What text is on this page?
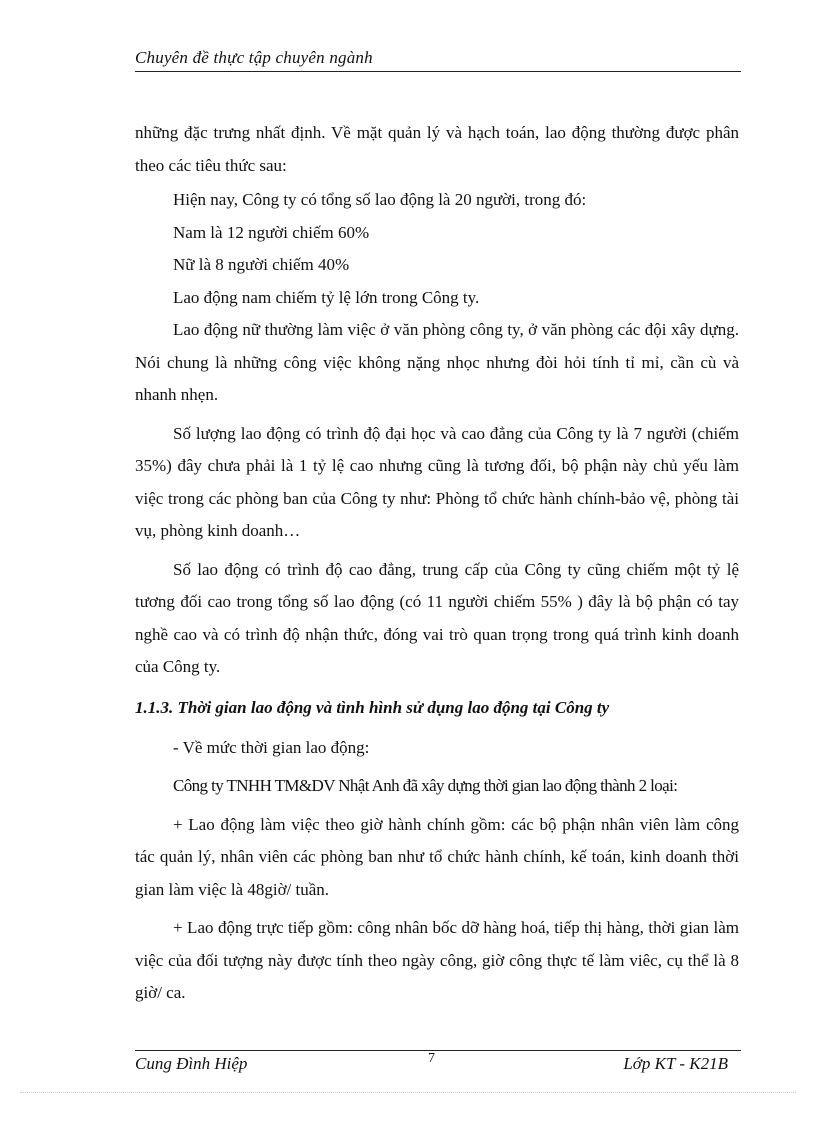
Chuyên đề thực tập chuyên ngành

những đặc trưng nhất định. Về mặt quản lý và hạch toán, lao động thường được phân theo các tiêu thức sau:

Hiện nay, Công ty có tổng số lao động là 20 người, trong đó:

Nam là 12 người chiếm 60%

Nữ là 8 người chiếm 40%

Lao động nam chiếm tỷ lệ lớn trong Công ty.

Lao động nữ thường làm việc ở văn phòng công ty, ở văn phòng các đội xây dựng. Nói chung là những công việc không nặng nhọc nhưng đòi hỏi tính tỉ mỉ, cần cù và nhanh nhẹn.

Số lượng lao động có trình độ đại học và cao đẳng của Công ty là 7 người (chiếm 35%) đây chưa phải là 1 tỷ lệ cao nhưng cũng là tương đối, bộ phận này chủ yếu làm việc trong các phòng ban của Công ty như: Phòng tổ chức hành chính-bảo vệ, phòng tài vụ, phòng kinh doanh…

Số lao động có trình độ cao đẳng, trung cấp của Công ty cũng chiếm một tỷ lệ tương đối cao trong tổng số lao động (có 11 người chiếm 55% ) đây là bộ phận có tay nghề cao và có trình độ nhận thức, đóng vai trò quan trọng trong quá trình kinh doanh của Công ty.

1.1.3. Thời gian lao động và tình hình sử dụng lao động tại Công ty

- Về mức thời gian lao động:

Công ty TNHH TM&DV Nhật Anh đã xây dựng thời gian lao động thành 2 loại:

+ Lao động làm việc theo giờ hành chính gồm: các bộ phận nhân viên làm công tác quản lý, nhân viên các phòng ban như tổ chức hành chính, kế toán, kinh doanh thời gian làm việc là 48giờ/ tuần.

+ Lao động trực tiếp gồm: công nhân bốc dỡ hàng hoá, tiếp thị hàng, thời gian làm việc của đối tượng này được tính theo ngày công, giờ công thực tế làm viêc, cụ thể là 8 giờ/ ca.

Cung Đình Hiệp	7	Lớp KT - K21B
